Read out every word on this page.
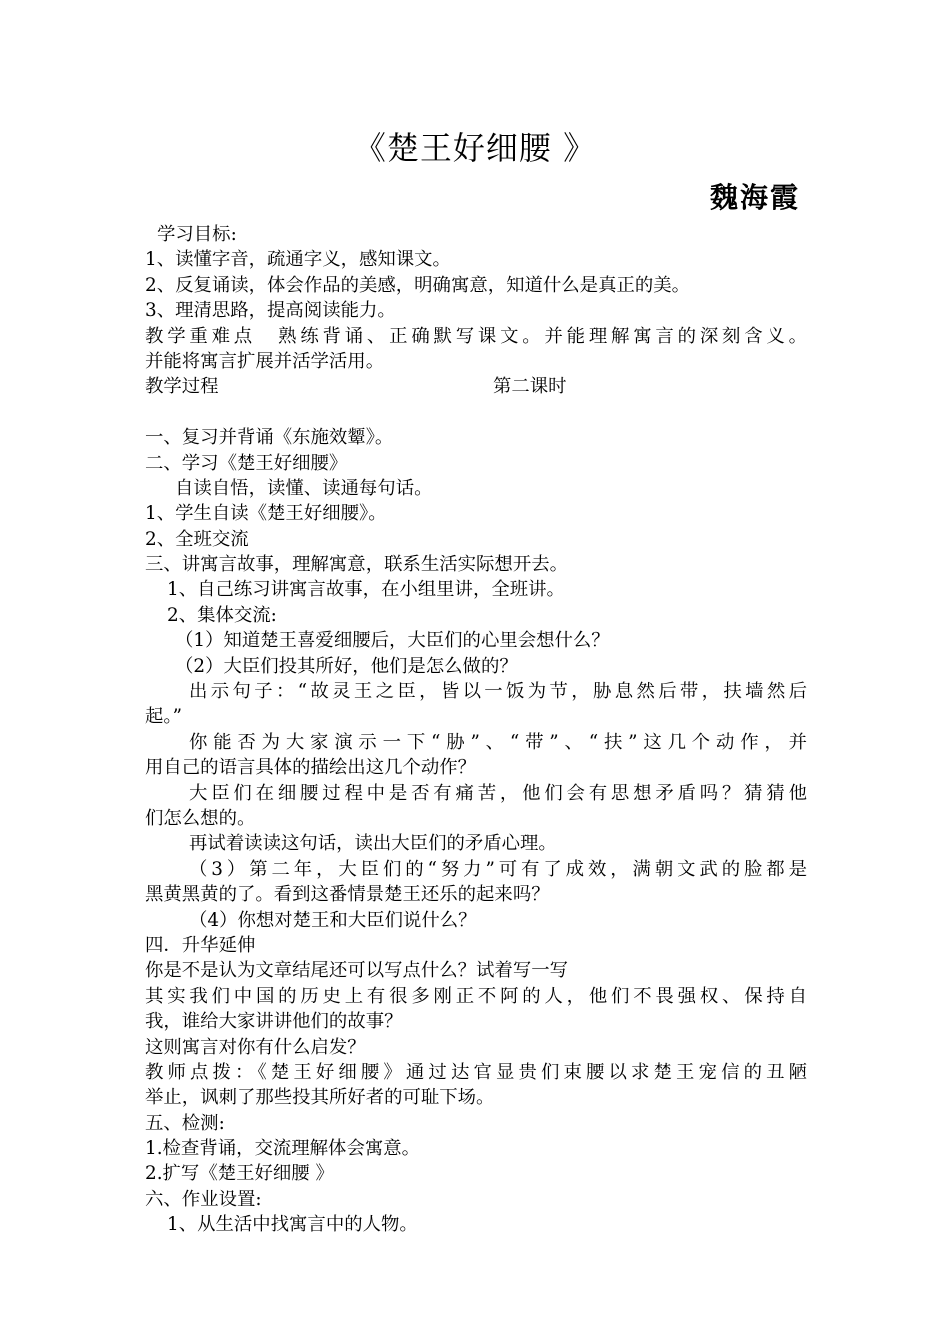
《楚王好细腰 》
魏海霞
学习目标:
1、读懂字音，疏通字义，感知课文。
2、反复诵读，体会作品的美感，明确寓意，知道什么是真正的美。
3、理清思路，提高阅读能力。
教学重难点　熟练背诵、正确默写课文。并能理解寓言的深刻含义。
并能将寓言扩展并活学活用。
教学过程	第二课时
一、复习并背诵《东施效颦》。
二、学习《楚王好细腰》
自读自悟，读懂、读通每句话。
1、学生自读《楚王好细腰》。
2、全班交流
三、讲寓言故事，理解寓意，联系生活实际想开去。
1、自己练习讲寓言故事，在小组里讲，全班讲。
2、集体交流:
（1）知道楚王喜爱细腰后，大臣们的心里会想什么？
（2）大臣们投其所好，他们是怎么做的？
出示句子：“故灵王之臣，皆以一饭为节，胁息然后带，扶墙然后
起。”
你能否为大家演示一下“胁”、“带”、“扶”这几个动作，并
用自己的语言具体的描绘出这几个动作？
大臣们在细腰过程中是否有痛苦，他们会有思想矛盾吗？猜猜他
们怎么想的。
再试着读读这句话，读出大臣们的矛盾心理。
（3）第二年，大臣们的“努力”可有了成效，满朝文武的脸都是
黑黄黑黄的了。看到这番情景楚王还乐的起来吗？
（4）你想对楚王和大臣们说什么？
四．升华延伸
你是不是认为文章结尾还可以写点什么？试着写一写
其实我们中国的历史上有很多刚正不阿的人，他们不畏强权、保持自
我，谁给大家讲讲他们的故事？
这则寓言对你有什么启发？
教师点拨：《楚王好细腰》通过达官显贵们束腰以求楚王宠信的丑陋
举止，讽刺了那些投其所好者的可耻下场。
五、检测:
1.检查背诵，交流理解体会寓意。
2.扩写《楚王好细腰 》
六、作业设置:
1、从生活中找寓言中的人物。
